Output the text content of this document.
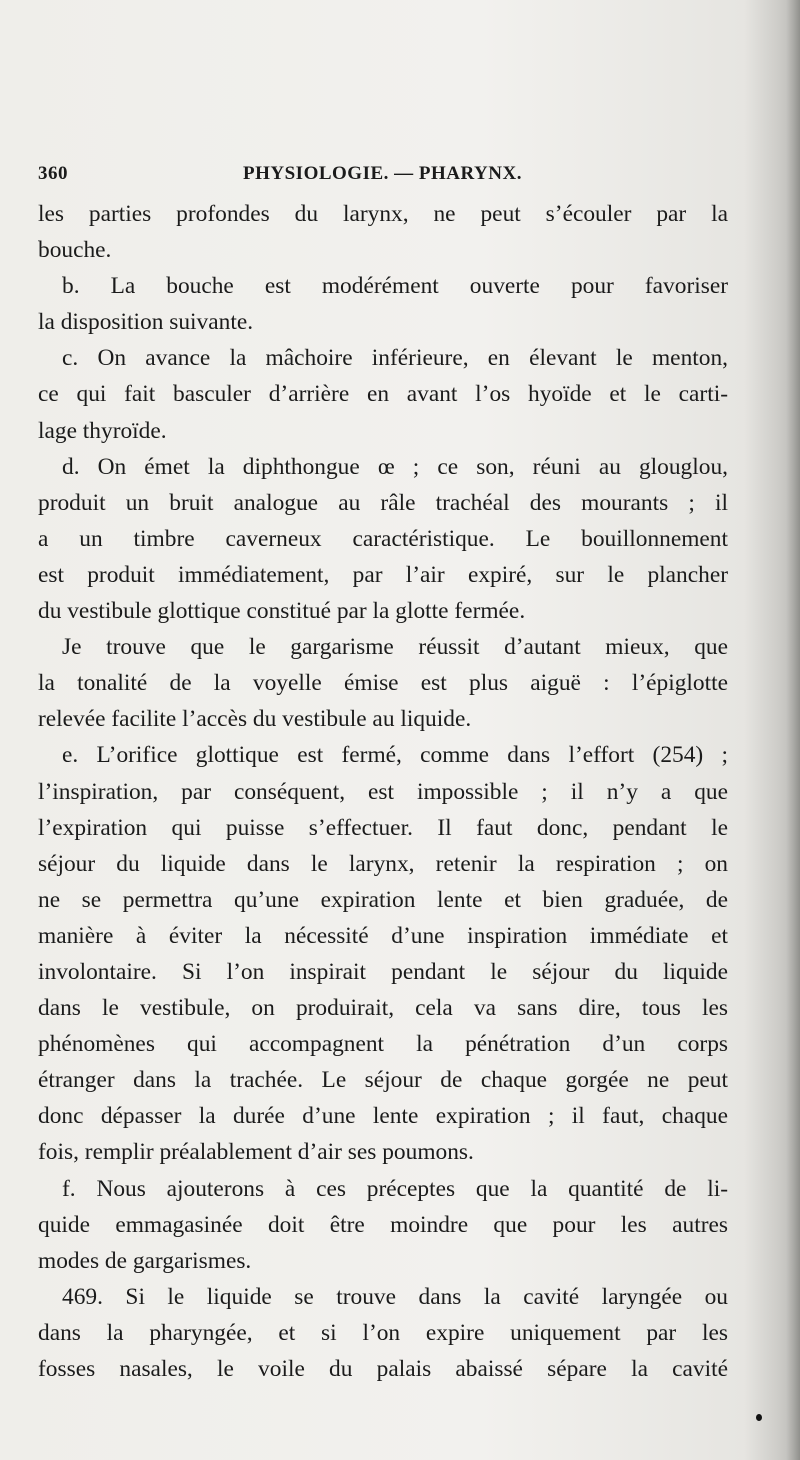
360	PHYSIOLOGIE. — PHARYNX.
les parties profondes du larynx, ne peut s’écouler par la
bouche.
b. La bouche est modérément ouverte pour favoriser
la disposition suivante.
c. On avance la mâchoire inférieure, en élevant le menton,
ce qui fait basculer d’arrière en avant l’os hyoïde et le carti-
lage thyroïde.
d. On émet la diphthongue œ ; ce son, réuni au glouglou,
produit un bruit analogue au râle trachéal des mourants ; il
a un timbre caverneux caractéristique. Le bouillonnement
est produit immédiatement, par l’air expiré, sur le plancher
du vestibule glottique constitué par la glotte fermée.
Je trouve que le gargarisme réussit d’autant mieux, que
la tonalité de la voyelle émise est plus aiguë : l’épiglotte
relevée facilite l’accès du vestibule au liquide.
e. L’orifice glottique est fermé, comme dans l’effort (254) ;
l’inspiration, par conséquent, est impossible ; il n’y a que
l’expiration qui puisse s’effectuer. Il faut donc, pendant le
séjour du liquide dans le larynx, retenir la respiration ; on
ne se permettra qu’une expiration lente et bien graduée, de
manière à éviter la nécessité d’une inspiration immédiate et
involontaire. Si l’on inspirait pendant le séjour du liquide
dans le vestibule, on produirait, cela va sans dire, tous les
phénomènes qui accompagnent la pénétration d’un corps
étranger dans la trachée. Le séjour de chaque gorgée ne peut
donc dépasser la durée d’une lente expiration ; il faut, chaque
fois, remplir préalablement d’air ses poumons.
f. Nous ajouterons à ces préceptes que la quantité de li-
quide emmagasinée doit être moindre que pour les autres
modes de gargarismes.
469. Si le liquide se trouve dans la cavité laryngée ou
dans la pharyngée, et si l’on expire uniquement par les
fosses nasales, le voile du palais abaissé sépare la cavité
